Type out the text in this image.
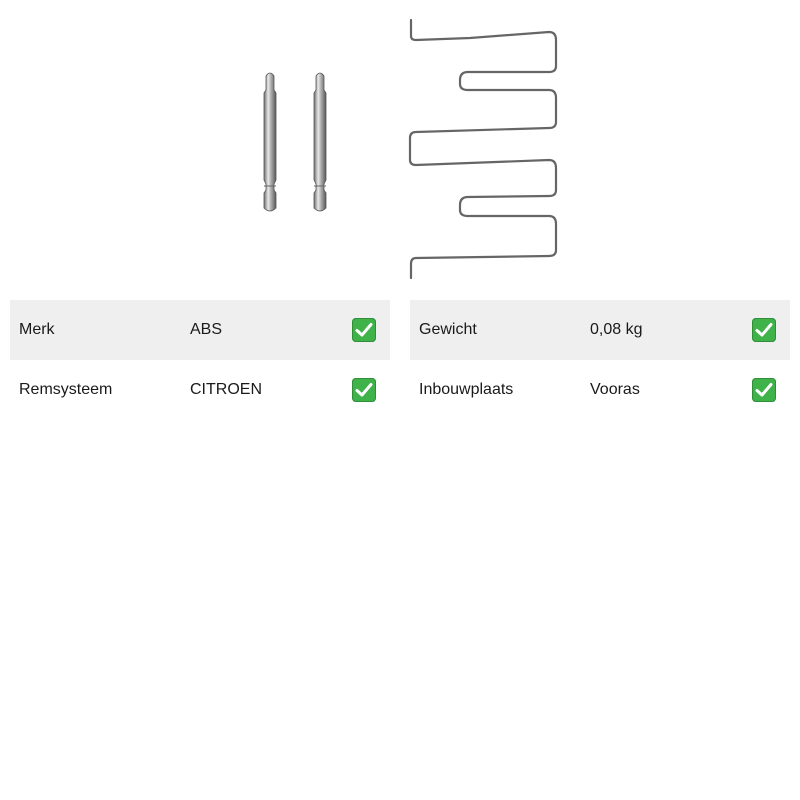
Merk	ABS
Remsysteem	CITROEN
Gewicht	0,08 kg
Inbouwplaats	Vooras
